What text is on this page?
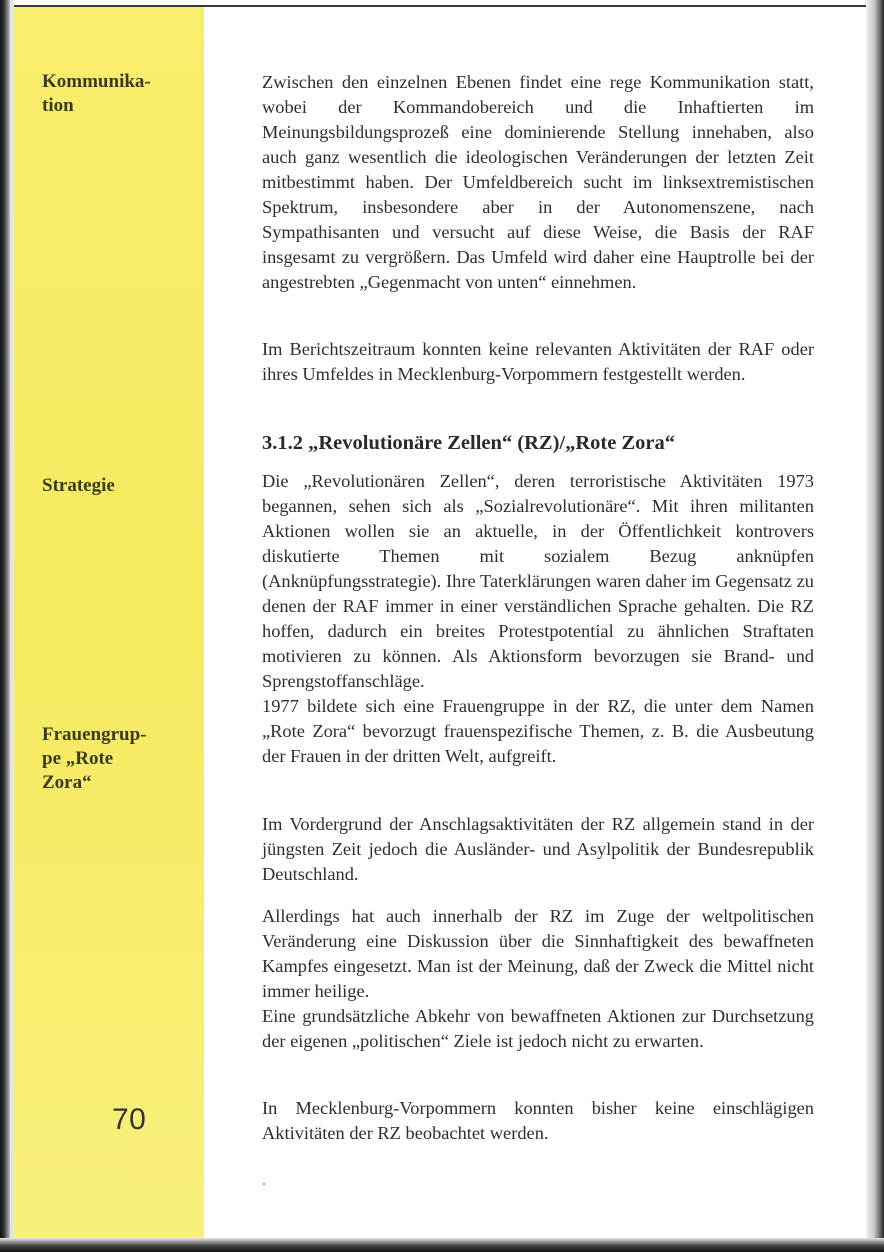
Kommunika-
tion
Strategie
Frauengrup-
pe „Rote
Zora“
70

Zwischen den einzelnen Ebenen findet eine rege Kommunikation statt, wobei der Kommandobereich und die Inhaftierten im Meinungsbildungsprozeß eine dominierende Stellung innehaben, also auch ganz wesentlich die ideologischen Veränderungen der letzten Zeit mitbestimmt haben. Der Umfeldbereich sucht im linksextremistischen Spektrum, insbesondere aber in der Autonomenszene, nach Sympathisanten und versucht auf diese Weise, die Basis der RAF insgesamt zu vergrößern. Das Umfeld wird daher eine Hauptrolle bei der angestrebten „Gegenmacht von unten“ einnehmen.

Im Berichtszeitraum konnten keine relevanten Aktivitäten der RAF oder ihres Umfeldes in Mecklenburg-Vorpommern festgestellt werden.

3.1.2 „Revolutionäre Zellen“ (RZ)/„Rote Zora“

Die „Revolutionären Zellen“, deren terroristische Aktivitäten 1973 begannen, sehen sich als „Sozialrevolutionäre“. Mit ihren militanten Aktionen wollen sie an aktuelle, in der Öffentlichkeit kontrovers diskutierte Themen mit sozialem Bezug anknüpfen (Anknüpfungsstrategie). Ihre Taterklärungen waren daher im Gegensatz zu denen der RAF immer in einer verständlichen Sprache gehalten. Die RZ hoffen, dadurch ein breites Protestpotential zu ähnlichen Straftaten motivieren zu können. Als Aktionsform bevorzugen sie Brand- und Sprengstoffanschläge.

1977 bildete sich eine Frauengruppe in der RZ, die unter dem Namen „Rote Zora“ bevorzugt frauenspezifische Themen, z. B. die Ausbeutung der Frauen in der dritten Welt, aufgreift.

Im Vordergrund der Anschlagsaktivitäten der RZ allgemein stand in der jüngsten Zeit jedoch die Ausländer- und Asylpolitik der Bundesrepublik Deutschland.

Allerdings hat auch innerhalb der RZ im Zuge der weltpolitischen Veränderung eine Diskussion über die Sinnhaftigkeit des bewaffneten Kampfes eingesetzt. Man ist der Meinung, daß der Zweck die Mittel nicht immer heilige.

Eine grundsätzliche Abkehr von bewaffneten Aktionen zur Durchsetzung der eigenen „politischen“ Ziele ist jedoch nicht zu erwarten.

In Mecklenburg-Vorpommern konnten bisher keine einschlägigen Aktivitäten der RZ beobachtet werden.
